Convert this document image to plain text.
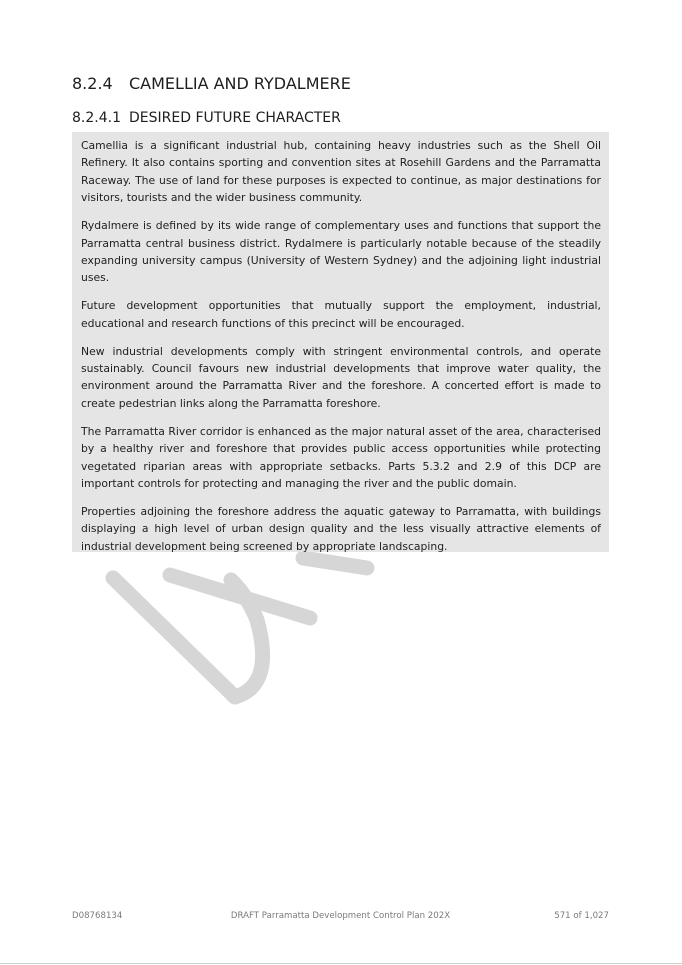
8.2.4 CAMELLIA AND RYDALMERE
8.2.4.1 DESIRED FUTURE CHARACTER

Camellia is a significant industrial hub, containing heavy industries such as the Shell Oil Refinery. It also contains sporting and convention sites at Rosehill Gardens and the Parramatta Raceway. The use of land for these purposes is expected to continue, as major destinations for visitors, tourists and the wider business community.

Rydalmere is defined by its wide range of complementary uses and functions that support the Parramatta central business district. Rydalmere is particularly notable because of the steadily expanding university campus (University of Western Sydney) and the adjoining light industrial uses.

Future development opportunities that mutually support the employment, industrial, educational and research functions of this precinct will be encouraged.

New industrial developments comply with stringent environmental controls, and operate sustainably. Council favours new industrial developments that improve water quality, the environment around the Parramatta River and the foreshore. A concerted effort is made to create pedestrian links along the Parramatta foreshore.

The Parramatta River corridor is enhanced as the major natural asset of the area, characterised by a healthy river and foreshore that provides public access opportunities while protecting vegetated riparian areas with appropriate setbacks. Parts 5.3.2 and 2.9 of this DCP are important controls for protecting and managing the river and the public domain.

Properties adjoining the foreshore address the aquatic gateway to Parramatta, with buildings displaying a high level of urban design quality and the less visually attractive elements of industrial development being screened by appropriate landscaping.

D08768134	DRAFT Parramatta Development Control Plan 202X	571 of 1,027
